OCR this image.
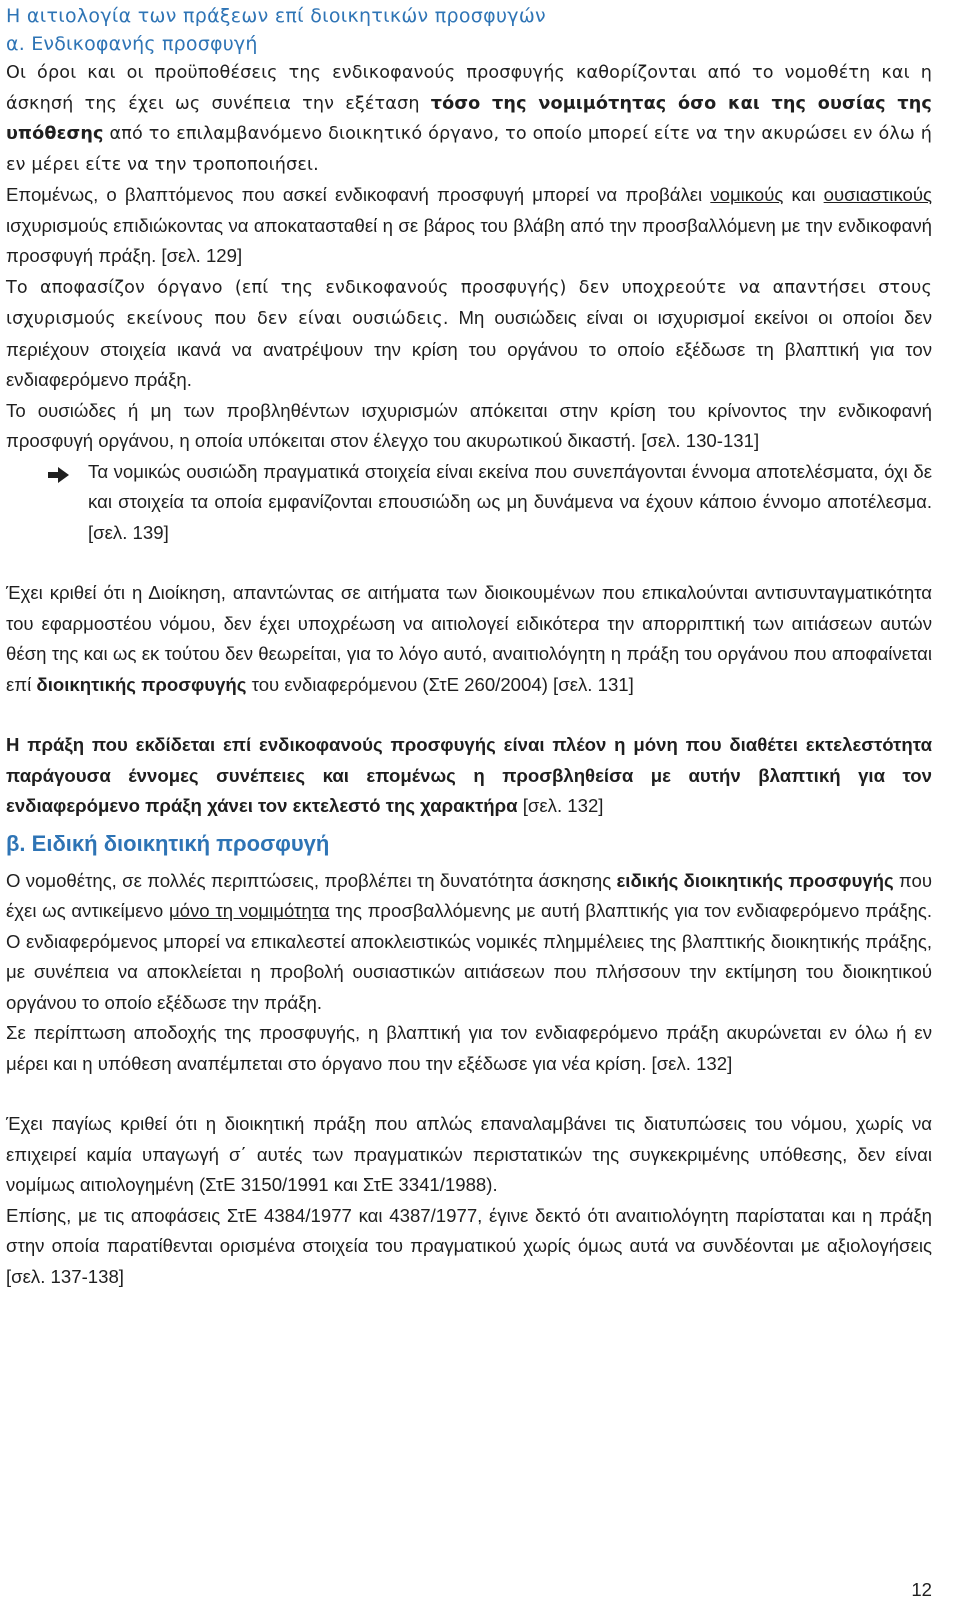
Η αιτιολογία των πράξεων επί διοικητικών προσφυγών
α. Ενδικοφανής προσφυγή

Οι όροι και οι προϋποθέσεις της ενδικοφανούς προσφυγής καθορίζονται από το νομοθέτη και η άσκησή της έχει ως συνέπεια την εξέταση τόσο της νομιμότητας όσο και της ουσίας της υπόθεσης από το επιλαμβανόμενο διοικητικό όργανο, το οποίο μπορεί είτε να την ακυρώσει εν όλω ή εν μέρει είτε να την τροποποιήσει.

Επομένως, ο βλαπτόμενος που ασκεί ενδικοφανή προσφυγή μπορεί να προβάλει νομικούς και ουσιαστικούς ισχυρισμούς επιδιώκοντας να αποκατασταθεί η σε βάρος του βλάβη από την προσβαλλόμενη με την ενδικοφανή προσφυγή πράξη. [σελ. 129]

Το αποφασίζον όργανο (επί της ενδικοφανούς προσφυγής) δεν υποχρεούτε να απαντήσει στους ισχυρισμούς εκείνους που δεν είναι ουσιώδεις. Μη ουσιώδεις είναι οι ισχυρισμοί εκείνοι οι οποίοι δεν περιέχουν στοιχεία ικανά να ανατρέψουν την κρίση του οργάνου το οποίο εξέδωσε τη βλαπτική για τον ενδιαφερόμενο πράξη.

Το ουσιώδες ή μη των προβληθέντων ισχυρισμών απόκειται στην κρίση του κρίνοντος την ενδικοφανή προσφυγή οργάνου, η οποία υπόκειται στον έλεγχο του ακυρωτικού δικαστή. [σελ. 130-131]

Τα νομικώς ουσιώδη πραγματικά στοιχεία είναι εκείνα που συνεπάγονται έννομα αποτελέσματα, όχι δε και στοιχεία τα οποία εμφανίζονται επουσιώδη ως μη δυνάμενα να έχουν κάποιο έννομο αποτέλεσμα. [σελ. 139]

Έχει κριθεί ότι η Διοίκηση, απαντώντας σε αιτήματα των διοικουμένων που επικαλούνται αντισυνταγματικότητα του εφαρμοστέου νόμου, δεν έχει υποχρέωση να αιτιολογεί ειδικότερα την απορριπτική των αιτιάσεων αυτών θέση της και ως εκ τούτου δεν θεωρείται, για το λόγο αυτό, αναιτιολόγητη η πράξη του οργάνου που αποφαίνεται επί διοικητικής προσφυγής του ενδιαφερόμενου (ΣτΕ 260/2004) [σελ. 131]

Η πράξη που εκδίδεται επί ενδικοφανούς προσφυγής είναι πλέον η μόνη που διαθέτει εκτελεστότητα παράγουσα έννομες συνέπειες και επομένως η προσβληθείσα με αυτήν βλαπτική για τον ενδιαφερόμενο πράξη χάνει τον εκτελεστό της χαρακτήρα [σελ. 132]

β. Ειδική διοικητική προσφυγή

Ο νομοθέτης, σε πολλές περιπτώσεις, προβλέπει τη δυνατότητα άσκησης ειδικής διοικητικής προσφυγής που έχει ως αντικείμενο μόνο τη νομιμότητα της προσβαλλόμενης με αυτή βλαπτικής για τον ενδιαφερόμενο πράξης. Ο ενδιαφερόμενος μπορεί να επικαλεστεί αποκλειστικώς νομικές πλημμέλειες της βλαπτικής διοικητικής πράξης, με συνέπεια να αποκλείεται η προβολή ουσιαστικών αιτιάσεων που πλήσσουν την εκτίμηση του διοικητικού οργάνου το οποίο εξέδωσε την πράξη.

Σε περίπτωση αποδοχής της προσφυγής, η βλαπτική για τον ενδιαφερόμενο πράξη ακυρώνεται εν όλω ή εν μέρει και η υπόθεση αναπέμπεται στο όργανο που την εξέδωσε για νέα κρίση. [σελ. 132]

Έχει παγίως κριθεί ότι η διοικητική πράξη που απλώς επαναλαμβάνει τις διατυπώσεις του νόμου, χωρίς να επιχειρεί καμία υπαγωγή σ΄ αυτές των πραγματικών περιστατικών της συγκεκριμένης υπόθεσης, δεν είναι νομίμως αιτιολογημένη (ΣτΕ 3150/1991 και ΣτΕ 3341/1988).

Επίσης, με τις αποφάσεις ΣτΕ 4384/1977 και 4387/1977, έγινε δεκτό ότι αναιτιολόγητη παρίσταται και η πράξη στην οποία παρατίθενται ορισμένα στοιχεία του πραγματικού χωρίς όμως αυτά να συνδέονται με αξιολογήσεις [σελ. 137-138]

12
